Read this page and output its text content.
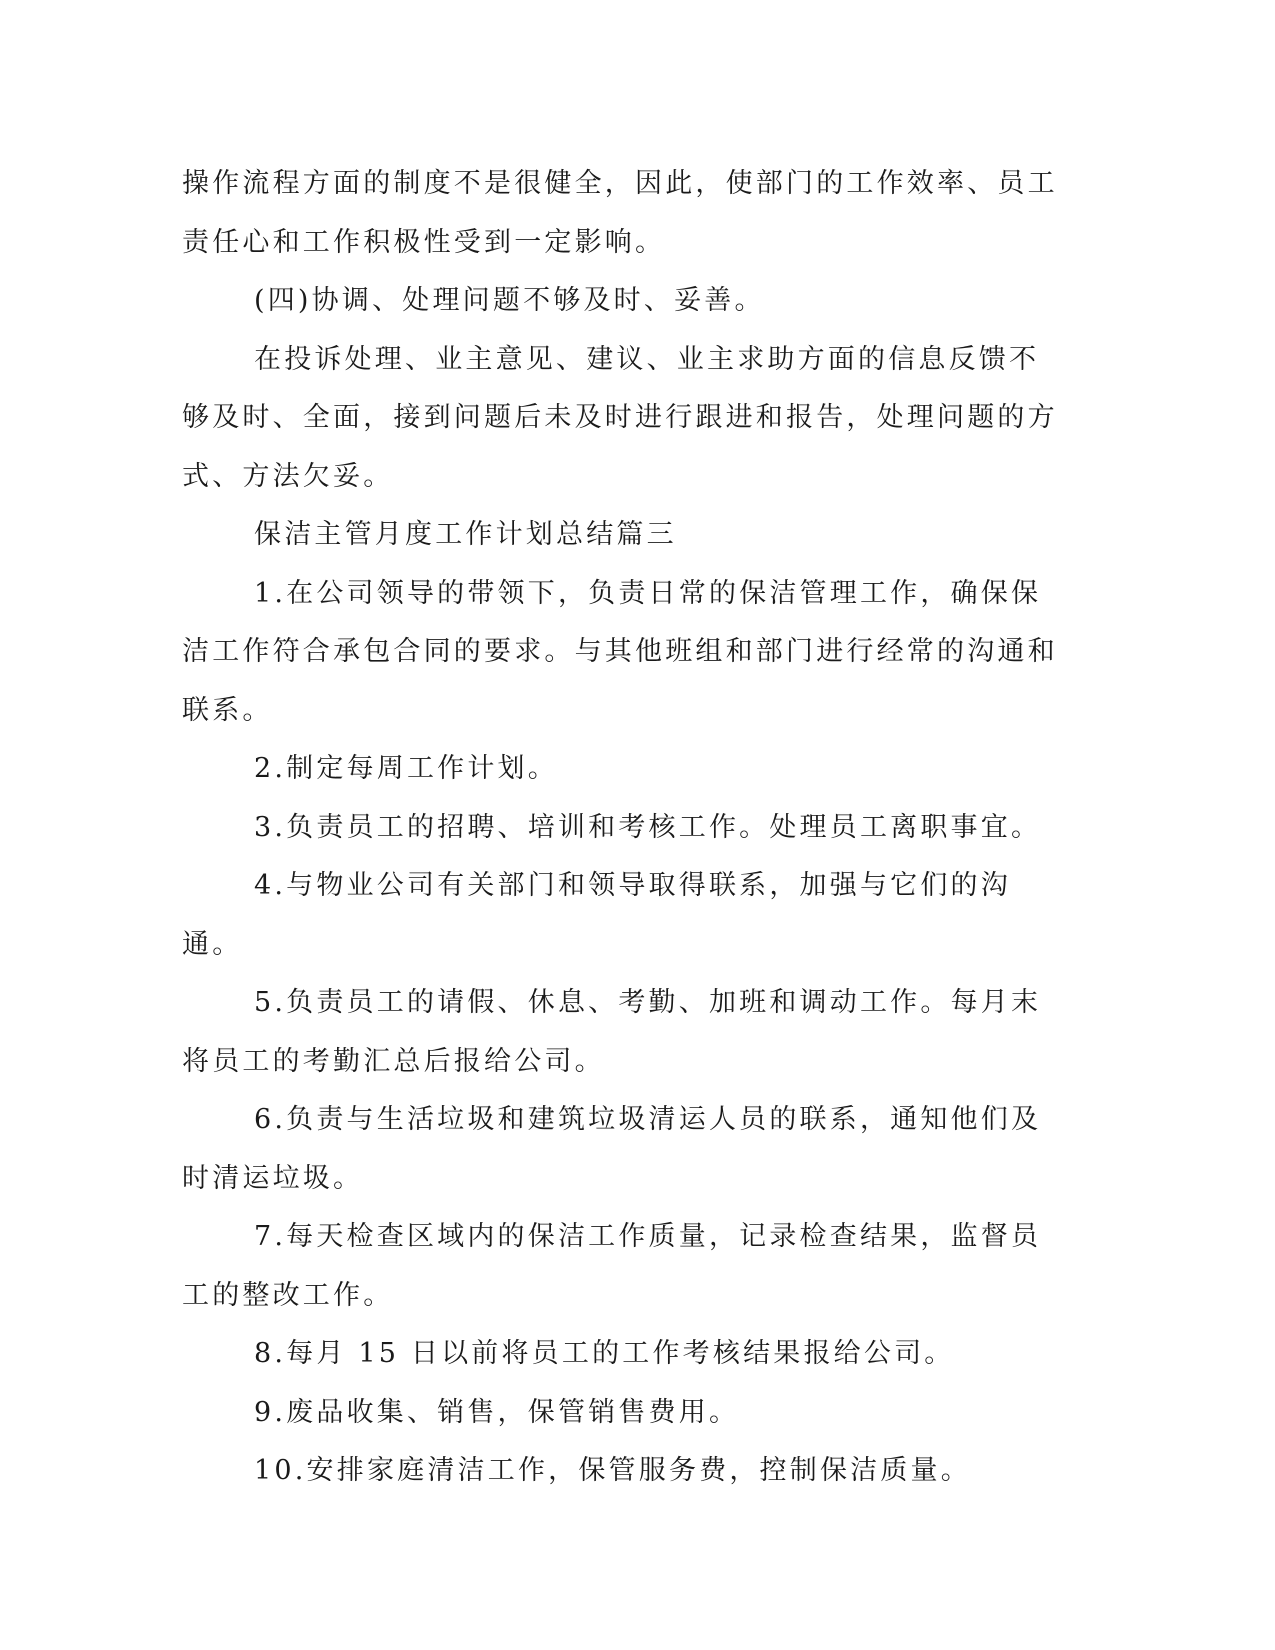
操作流程方面的制度不是很健全，因此，使部门的工作效率、员工责任心和工作积极性受到一定影响。

(四)协调、处理问题不够及时、妥善。

在投诉处理、业主意见、建议、业主求助方面的信息反馈不够及时、全面，接到问题后未及时进行跟进和报告，处理问题的方式、方法欠妥。

保洁主管月度工作计划总结篇三

1.在公司领导的带领下，负责日常的保洁管理工作，确保保洁工作符合承包合同的要求。与其他班组和部门进行经常的沟通和联系。

2.制定每周工作计划。

3.负责员工的招聘、培训和考核工作。处理员工离职事宜。

4.与物业公司有关部门和领导取得联系，加强与它们的沟通。

5.负责员工的请假、休息、考勤、加班和调动工作。每月末将员工的考勤汇总后报给公司。

6.负责与生活垃圾和建筑垃圾清运人员的联系，通知他们及时清运垃圾。

7.每天检查区域内的保洁工作质量，记录检查结果，监督员工的整改工作。

8.每月 15 日以前将员工的工作考核结果报给公司。

9.废品收集、销售，保管销售费用。

10.安排家庭清洁工作，保管服务费，控制保洁质量。
